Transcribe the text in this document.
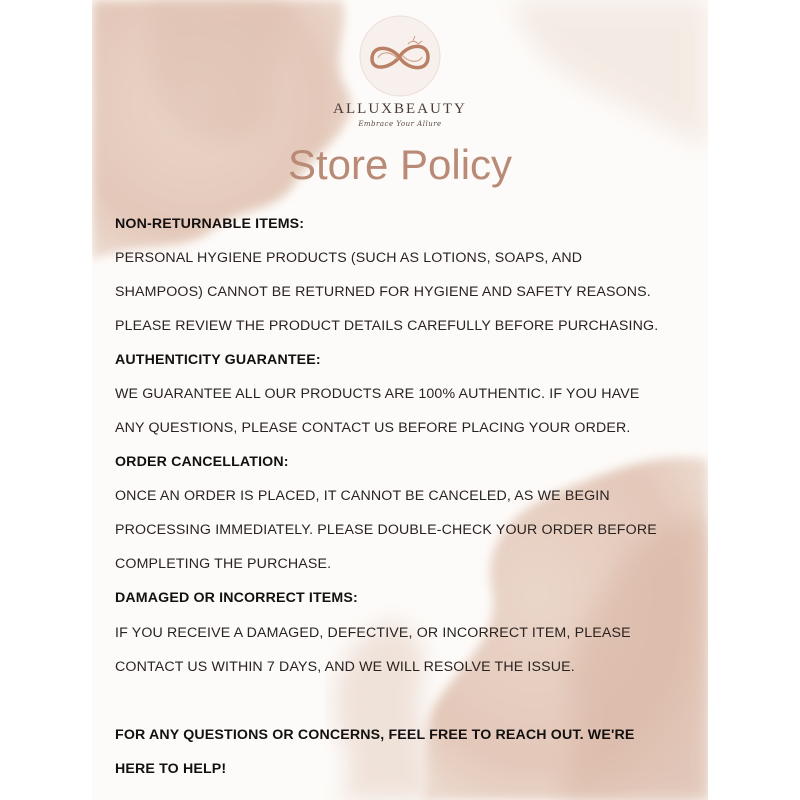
ALLUXBEAUTY
Embrace Your Allure
Store Policy
NON-RETURNABLE ITEMS:
PERSONAL HYGIENE PRODUCTS (SUCH AS LOTIONS, SOAPS, AND
SHAMPOOS) CANNOT BE RETURNED FOR HYGIENE AND SAFETY REASONS.
PLEASE REVIEW THE PRODUCT DETAILS CAREFULLY BEFORE PURCHASING.
AUTHENTICITY GUARANTEE:
WE GUARANTEE ALL OUR PRODUCTS ARE 100% AUTHENTIC. IF YOU HAVE
ANY QUESTIONS, PLEASE CONTACT US BEFORE PLACING YOUR ORDER.
ORDER CANCELLATION:
ONCE AN ORDER IS PLACED, IT CANNOT BE CANCELED, AS WE BEGIN
PROCESSING IMMEDIATELY. PLEASE DOUBLE-CHECK YOUR ORDER BEFORE
COMPLETING THE PURCHASE.
DAMAGED OR INCORRECT ITEMS:
IF YOU RECEIVE A DAMAGED, DEFECTIVE, OR INCORRECT ITEM, PLEASE
CONTACT US WITHIN 7 DAYS, AND WE WILL RESOLVE THE ISSUE.
FOR ANY QUESTIONS OR CONCERNS, FEEL FREE TO REACH OUT. WE'RE
HERE TO HELP!
